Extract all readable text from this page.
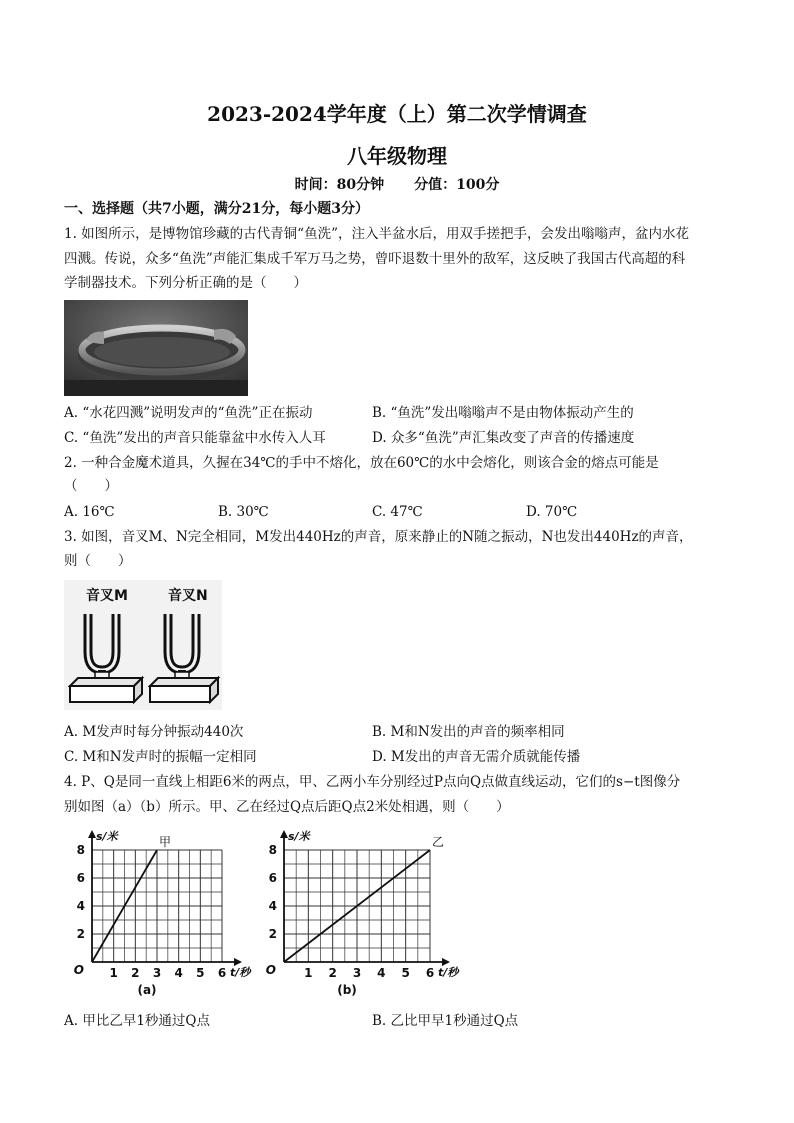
2023-2024学年度（上）第二次学情调查
八年级物理
时间：80分钟 分值：100分
一、选择题（共7小题，满分21分，每小题3分）
1. 如图所示，是博物馆珍藏的古代青铜“鱼洗”，注入半盆水后，用双手搓把手，会发出嗡嗡声，盆内水花
四溅。传说，众多“鱼洗”声能汇集成千军万马之势，曾吓退数十里外的敌军，这反映了我国古代高超的科
学制器技术。下列分析正确的是（　　）
A. “水花四溅”说明发声的“鱼洗”正在振动	B. “鱼洗”发出嗡嗡声不是由物体振动产生的
C. “鱼洗”发出的声音只能靠盆中水传入人耳	D. 众多“鱼洗”声汇集改变了声音的传播速度
2. 一种合金魔术道具，久握在34℃的手中不熔化，放在60℃的水中会熔化，则该合金的熔点可能是
（　　）
A. 16℃	B. 30℃	C. 47℃	D. 70℃
3. 如图，音叉M、N完全相同，M发出440Hz的声音，原来静止的N随之振动，N也发出440Hz的声音，
则（　　）
音叉M	音叉N
A. M发声时每分钟振动440次	B. M和N发出的声音的频率相同
C. M和N发声时的振幅一定相同	D. M发出的声音无需介质就能传播
4. P、Q是同一直线上相距6米的两点，甲、乙两小车分别经过P点向Q点做直线运动，它们的s−t图像分
别如图（a）（b）所示。甲、乙在经过Q点后距Q点2米处相遇，则（　　）
1 2 3 4 5 6
2
4
6
8
O	t/秒
s/米	甲
(a)
1 2 3 4 5 6
2
4
6
8
O	t/秒
s/米	乙
(b)
A. 甲比乙早1秒通过Q点	B. 乙比甲早1秒通过Q点
